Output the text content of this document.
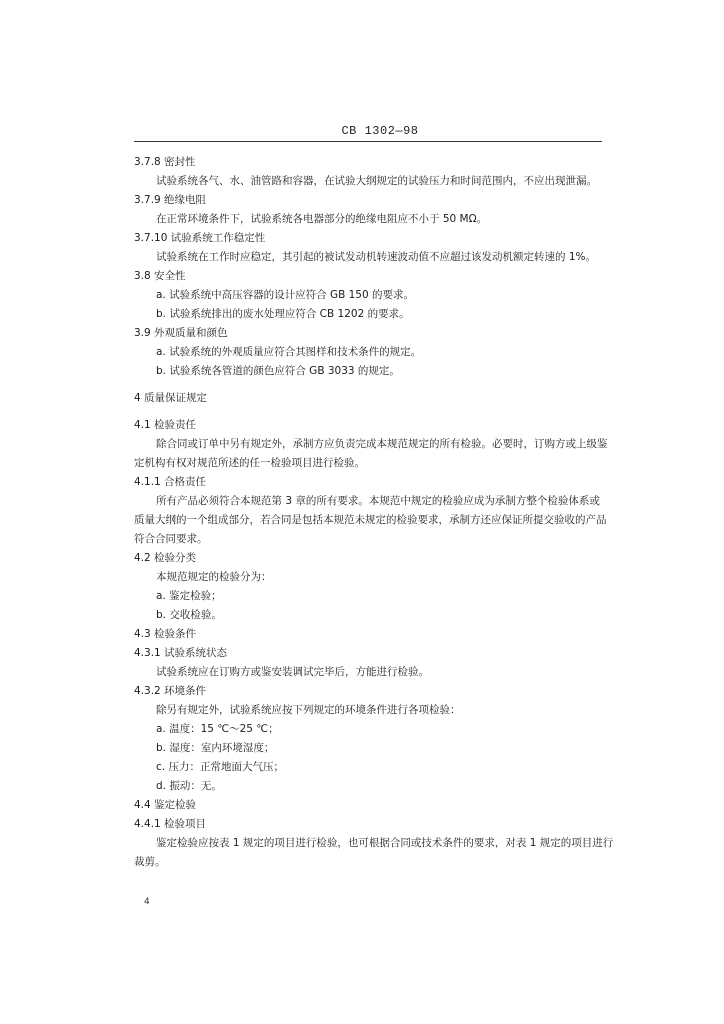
CB 1302—98
3.7.8 密封性
试验系统各气、水、油管路和容器，在试验大纲规定的试验压力和时间范围内，不应出现泄漏。
3.7.9 绝缘电阻
在正常环境条件下，试验系统各电器部分的绝缘电阻应不小于 50 MΩ。
3.7.10 试验系统工作稳定性
试验系统在工作时应稳定，其引起的被试发动机转速波动值不应超过该发动机额定转速的 1%。
3.8 安全性
a. 试验系统中高压容器的设计应符合 GB 150 的要求。
b. 试验系统排出的废水处理应符合 CB 1202 的要求。
3.9 外观质量和颜色
a. 试验系统的外观质量应符合其图样和技术条件的规定。
b. 试验系统各管道的颜色应符合 GB 3033 的规定。
4 质量保证规定
4.1 检验责任
除合同或订单中另有规定外，承制方应负责完成本规范规定的所有检验。必要时，订购方或上级鉴
定机构有权对规范所述的任一检验项目进行检验。
4.1.1 合格责任
所有产品必须符合本规范第 3 章的所有要求。本规范中规定的检验应成为承制方整个检验体系或
质量大纲的一个组成部分，若合同是包括本规范未规定的检验要求，承制方还应保证所提交验收的产品
符合合同要求。
4.2 检验分类
本规范规定的检验分为：
a. 鉴定检验；
b. 交收检验。
4.3 检验条件
4.3.1 试验系统状态
试验系统应在订购方或鉴安装调试完毕后，方能进行检验。
4.3.2 环境条件
除另有规定外，试验系统应按下列规定的环境条件进行各项检验：
a. 温度：15 ℃～25 ℃；
b. 湿度：室内环境湿度；
c. 压力：正常地面大气压；
d. 振动：无。
4.4 鉴定检验
4.4.1 检验项目
鉴定检验应按表 1 规定的项目进行检验，也可根据合同或技术条件的要求，对表 1 规定的项目进行
裁剪。
4
